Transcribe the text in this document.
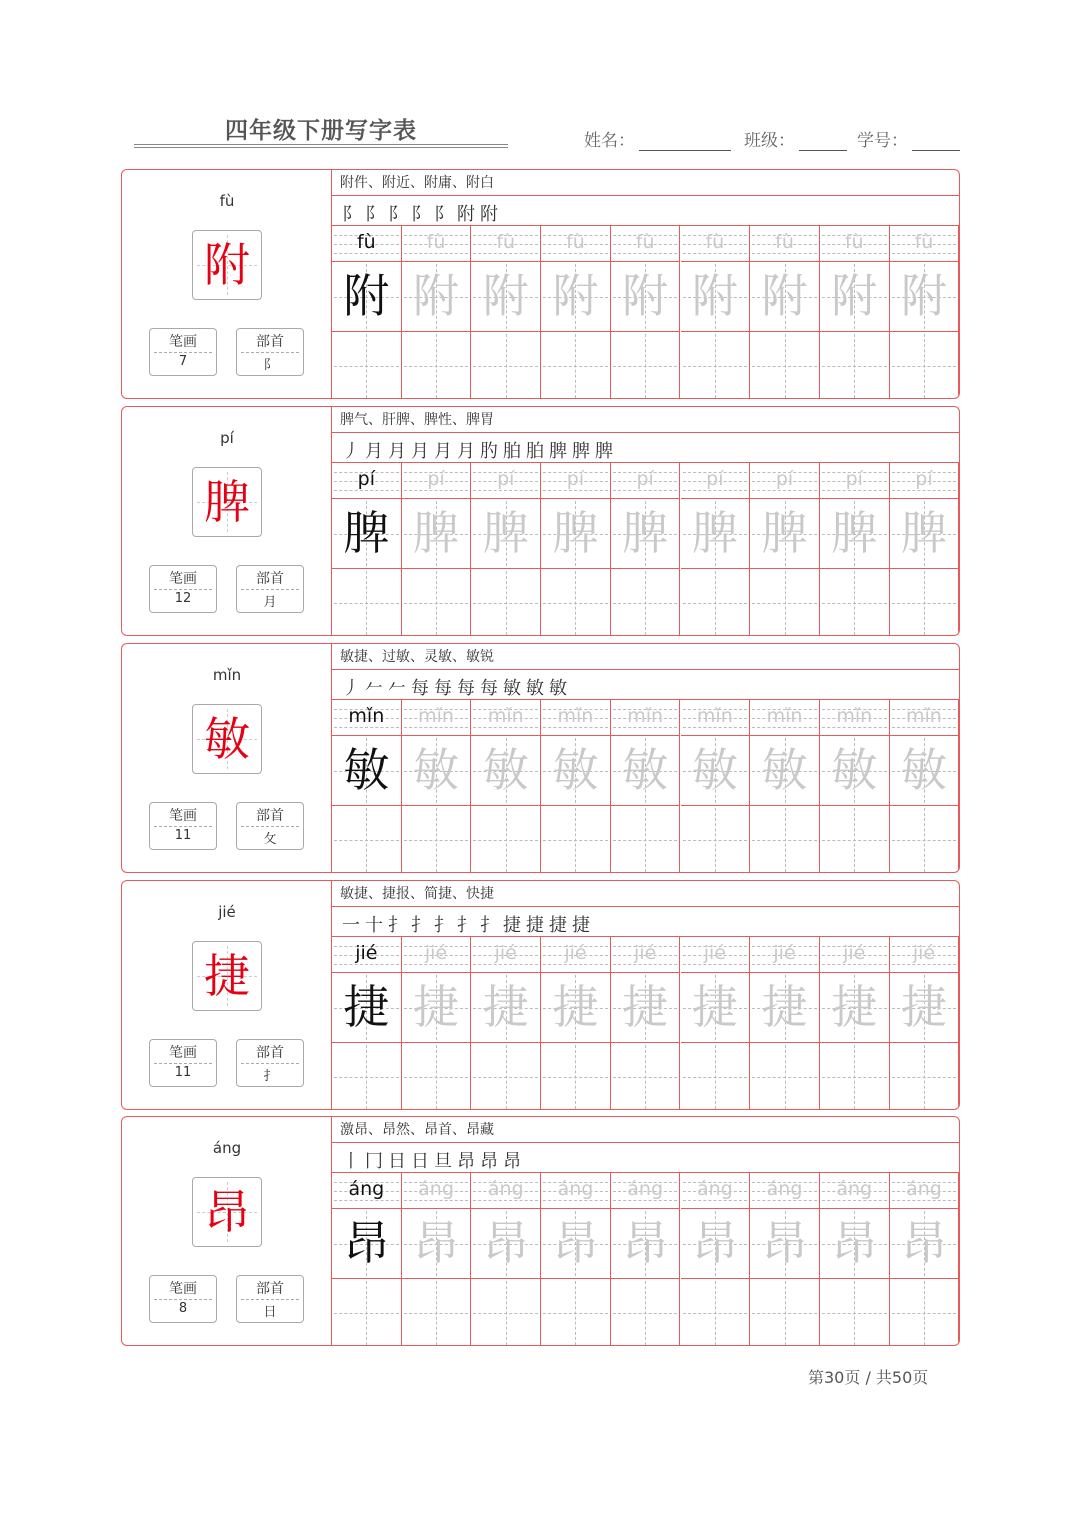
四年级下册写字表	姓名：	班级：	学号：
fù
附
笔画
7
部首
阝
附件、附近、附庸、附白
阝 阝 阝 阝 阝 附 附
fù
附
fù
附
fù
附
fù
附
fù
附
fù
附
fù
附
fù
附
fù
附
pí
脾
笔画
12
部首
月
脾气、肝脾、脾性、脾胃
丿 月 月 月 月 月 肑 胉 胉 脾 脾 脾
pí
脾
pí
脾
pí
脾
pí
脾
pí
脾
pí
脾
pí
脾
pí
脾
pí
脾
mǐn
敏
笔画
11
部首
攵
敏捷、过敏、灵敏、敏锐
丿 𠂉 𠂉 每 每 每 每 敏 敏 敏
mǐn
敏
mǐn
敏
mǐn
敏
mǐn
敏
mǐn
敏
mǐn
敏
mǐn
敏
mǐn
敏
mǐn
敏
jié
捷
笔画
11
部首
扌
敏捷、捷报、简捷、快捷
一 十 扌 扌 扌 扌 扌 捷 捷 捷 捷
jié
捷
jié
捷
jié
捷
jié
捷
jié
捷
jié
捷
jié
捷
jié
捷
jié
捷
áng
昂
笔画
8
部首
日
激昂、昂然、昂首、昂藏
丨 冂 日 日 旦 昂 昂 昂
áng
昂
áng
昂
áng
昂
áng
昂
áng
昂
áng
昂
áng
昂
áng
昂
áng
昂
第30页 / 共50页
